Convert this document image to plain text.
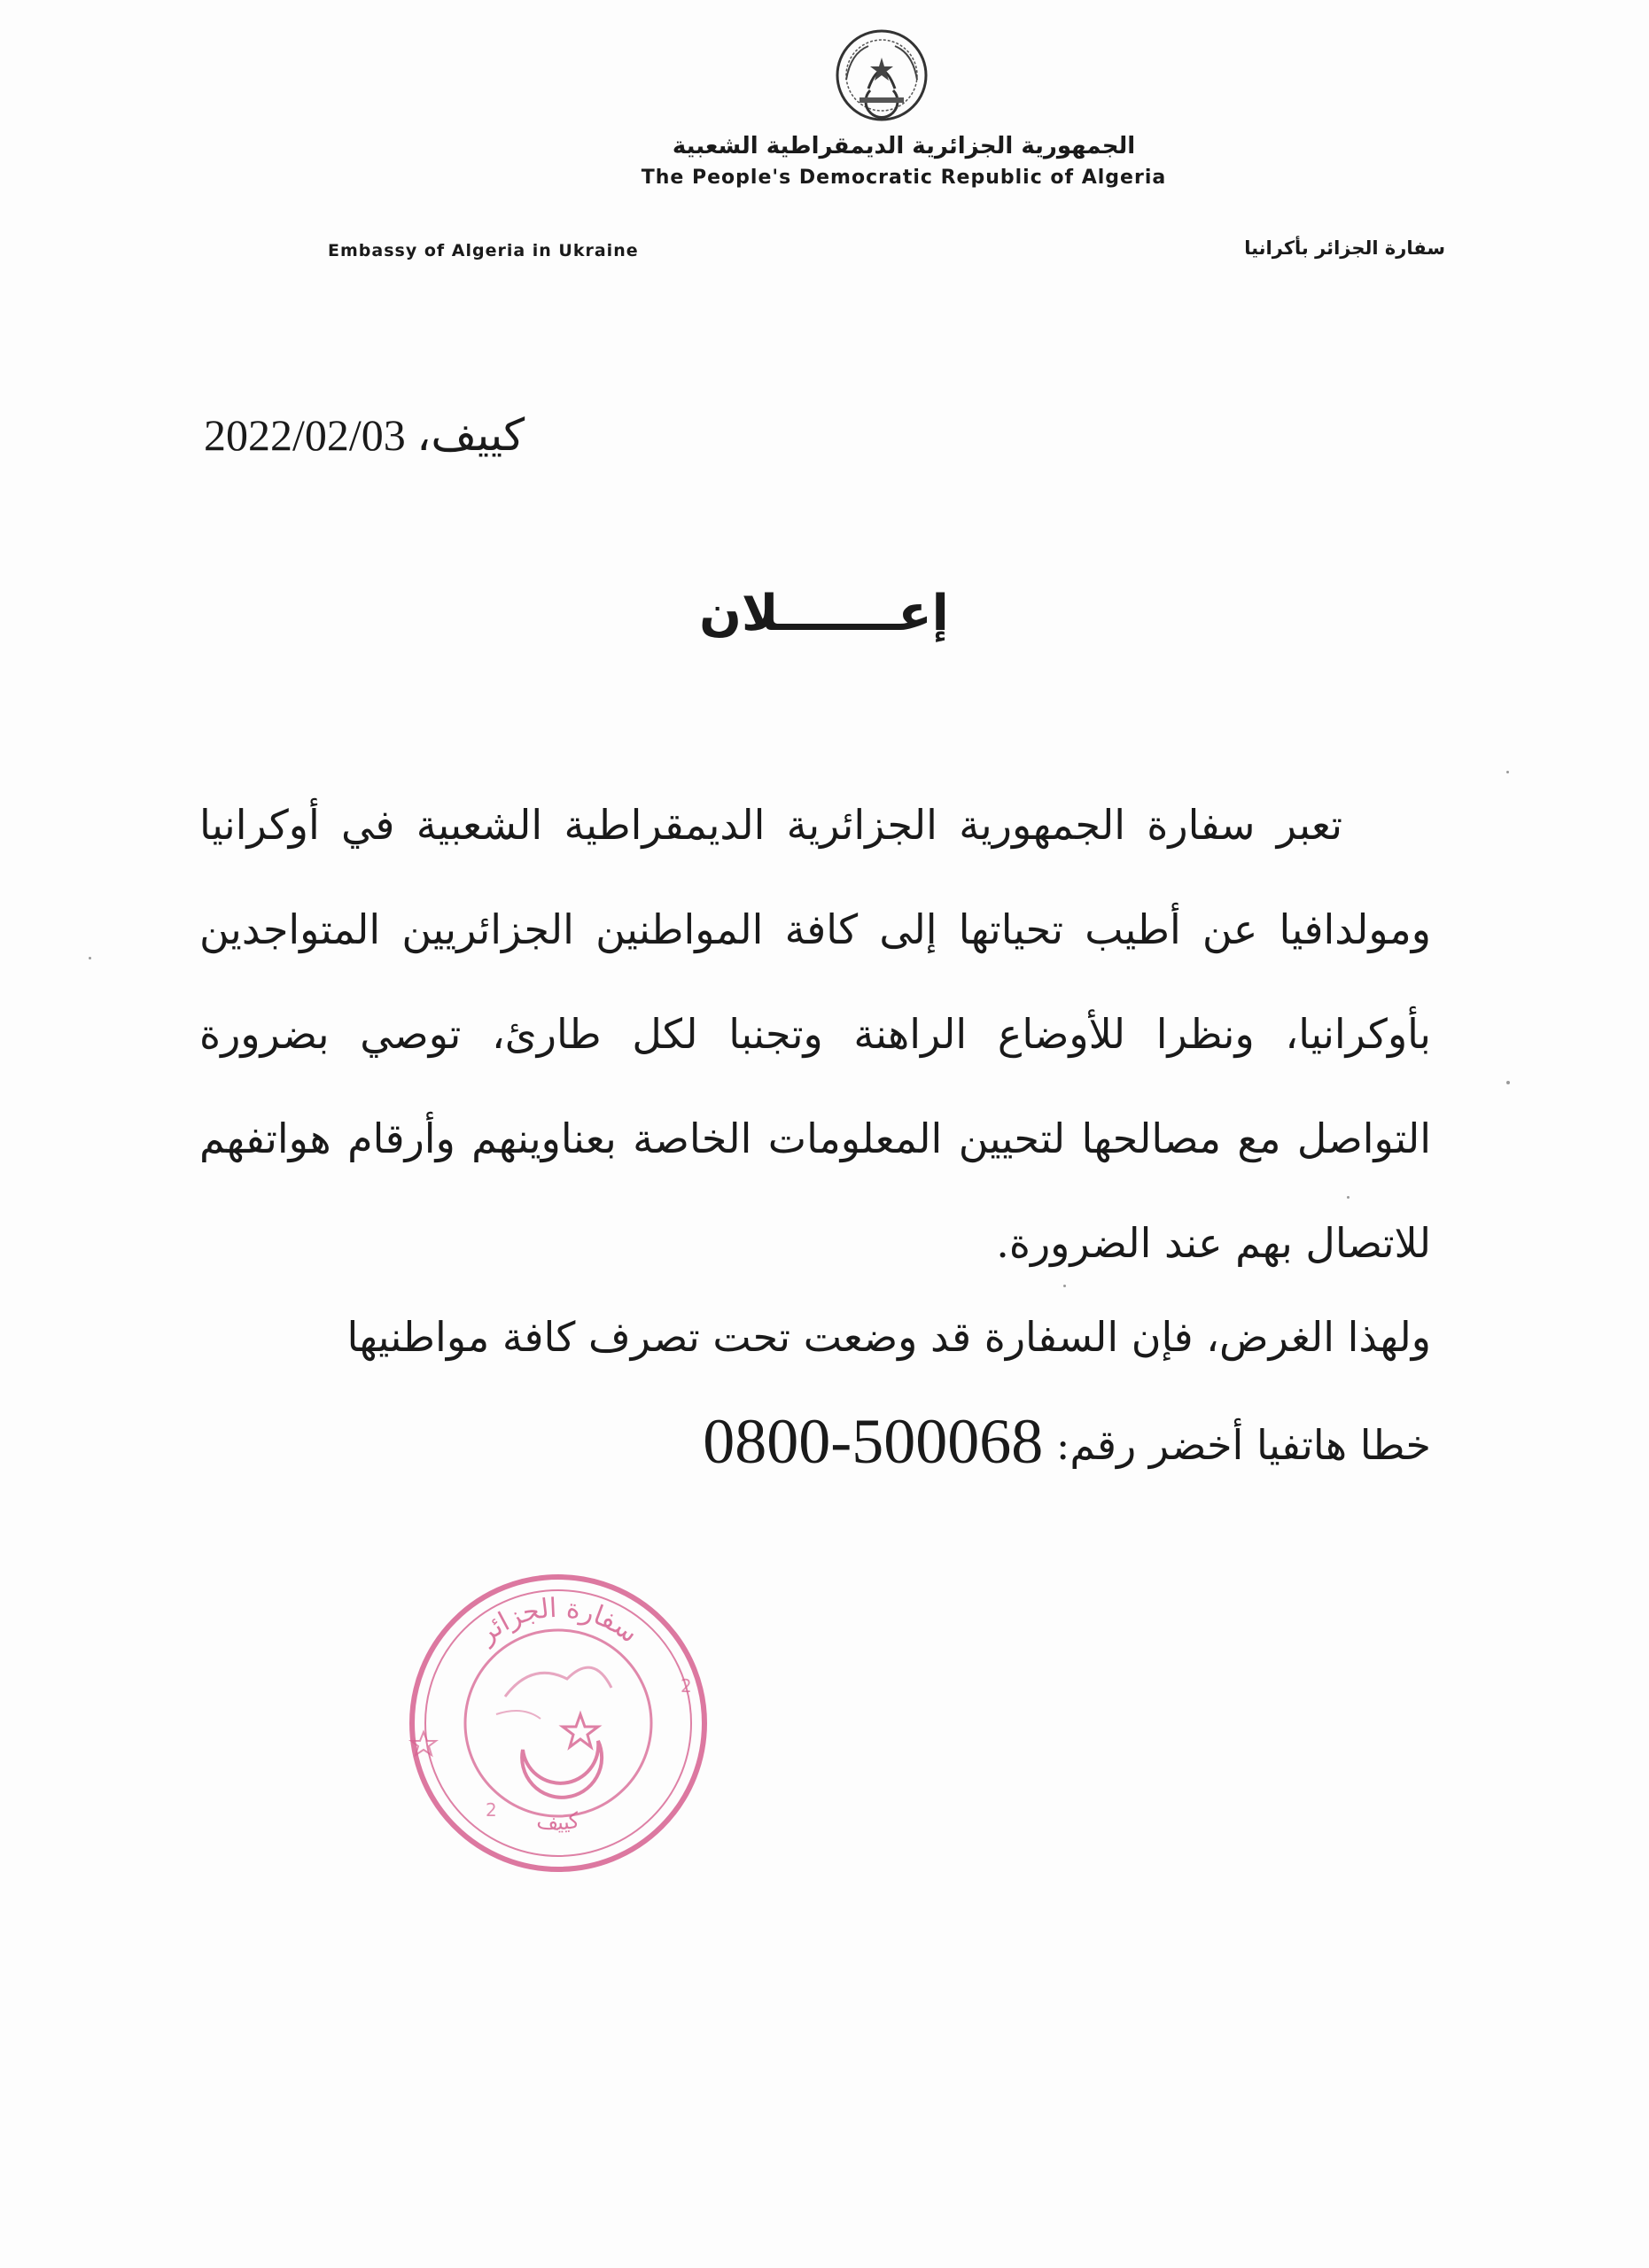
الجمهورية الجزائرية الديمقراطية الشعبية
The People's Democratic Republic of Algeria
Embassy of Algeria in Ukraine	سفارة الجزائر بأكرانيا
كييف، 2022/02/03
إعـــــــلان

تعبر سفارة الجمهورية الجزائرية الديمقراطية الشعبية في أوكرانيا ومولدافيا عن أطيب تحياتها إلى كافة المواطنين الجزائريين المتواجدين بأوكرانيا، ونظرا للأوضاع الراهنة وتجنبا لكل طارئ، توصي بضرورة التواصل مع مصالحها لتحيين المعلومات الخاصة بعناوينهم وأرقام هواتفهم للاتصال بهم عند الضرورة.

ولهذا الغرض، فإن السفارة قد وضعت تحت تصرف كافة مواطنيها

خطا هاتفيا أخضر رقم: 0800-500068
سفارة الجزائر
كييف
2
2
